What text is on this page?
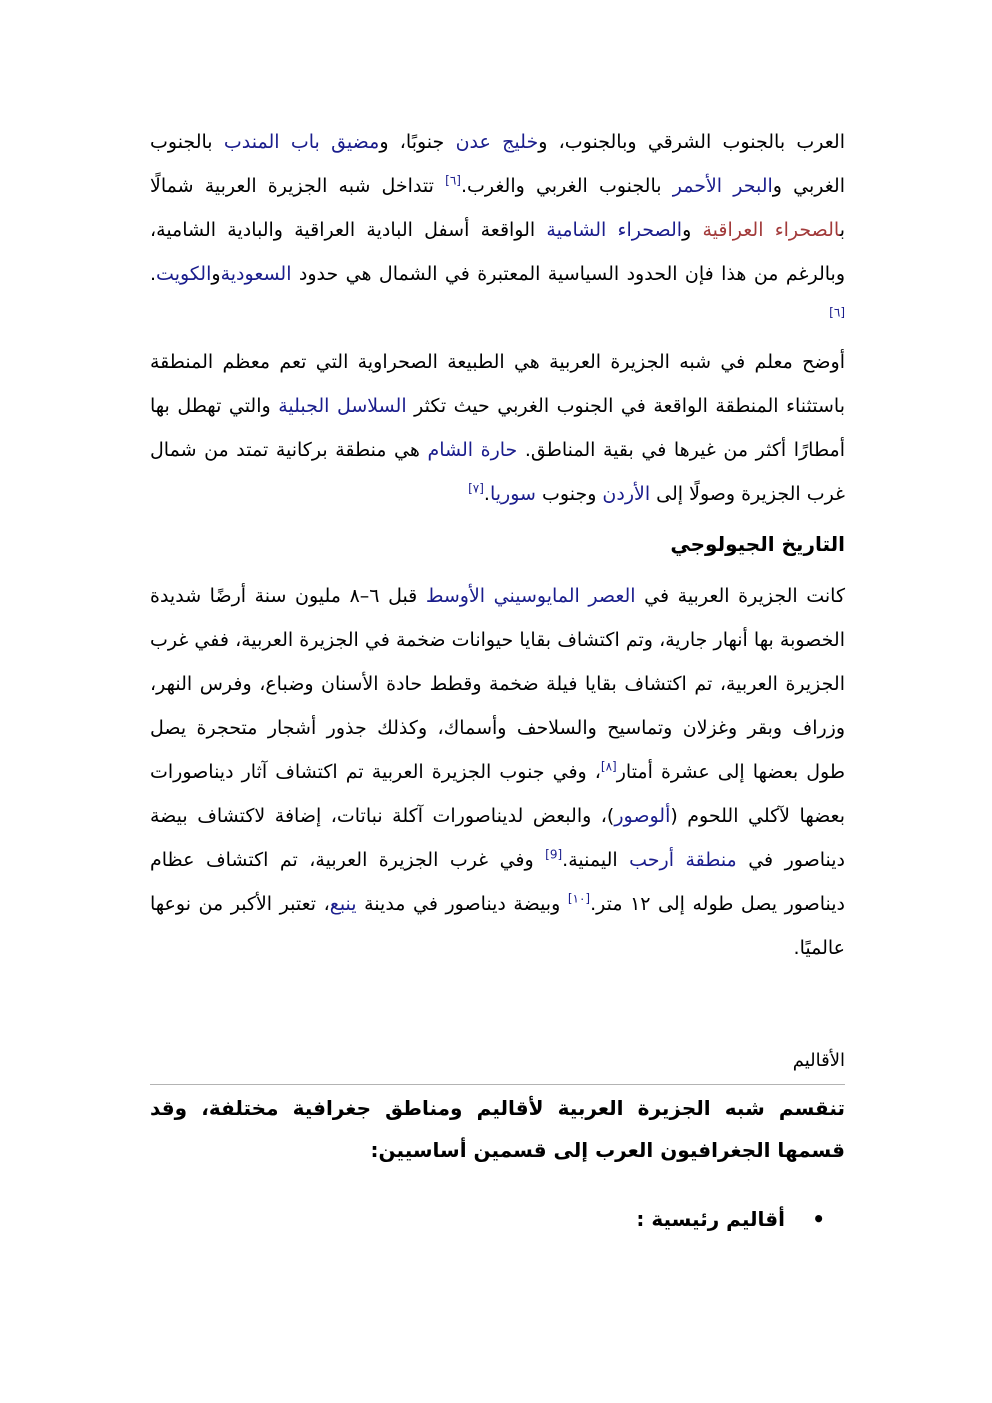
العرب بالجنوب الشرقي وبالجنوب، وخليج عدن جنوبًا، ومضيق باب المندب بالجنوب الغربي والبحر الأحمر بالجنوب الغربي والغرب.[٦] تتداخل شبه الجزيرة العربية شمالًا بالصحراء العراقية والصحراء الشامية الواقعة أسفل البادية العراقية والبادية الشامية، وبالرغم من هذا فإن الحدود السياسية المعتبرة في الشمال هي حدود السعوديةوالكويت. [٦]

أوضح معلم في شبه الجزيرة العربية هي الطبيعة الصحراوية التي تعم معظم المنطقة باستثناء المنطقة الواقعة في الجنوب الغربي حيث تكثر السلاسل الجبلية والتي تهطل بها أمطارًا أكثر من غيرها في بقية المناطق. حارة الشام هي منطقة بركانية تمتد من شمال غرب الجزيرة وصولًا إلى الأردن وجنوب سوريا.[٧]

التاريخ الجيولوجي

كانت الجزيرة العربية في العصر المايوسيني الأوسط قبل ٦–٨ مليون سنة أرضًا شديدة الخصوبة بها أنهار جارية، وتم اكتشاف بقايا حيوانات ضخمة في الجزيرة العربية، ففي غرب الجزيرة العربية، تم اكتشاف بقايا فيلة ضخمة وقطط حادة الأسنان وضباع، وفرس النهر، وزراف وبقر وغزلان وتماسيح والسلاحف وأسماك، وكذلك جذور أشجار متحجرة يصل طول بعضها إلى عشرة أمتار[٨]، وفي جنوب الجزيرة العربية تم اكتشاف آثار ديناصورات بعضها لآكلي اللحوم (ألوصور)، والبعض لديناصورات آكلة نباتات، إضافة لاكتشاف بيضة ديناصور في منطقة أرحب اليمنية.[9] وفي غرب الجزيرة العربية، تم اكتشاف عظام ديناصور يصل طوله إلى ١٢ متر.[١٠] وبيضة ديناصور في مدينة ينبع، تعتبر الأكبر من نوعها عالميًا.

الأقاليم

تنقسم شبه الجزيرة العربية لأقاليم ومناطق جغرافية مختلفة، وقد قسمها الجغرافيون العرب إلى قسمين أساسيين:

•
أقاليم رئيسية :
